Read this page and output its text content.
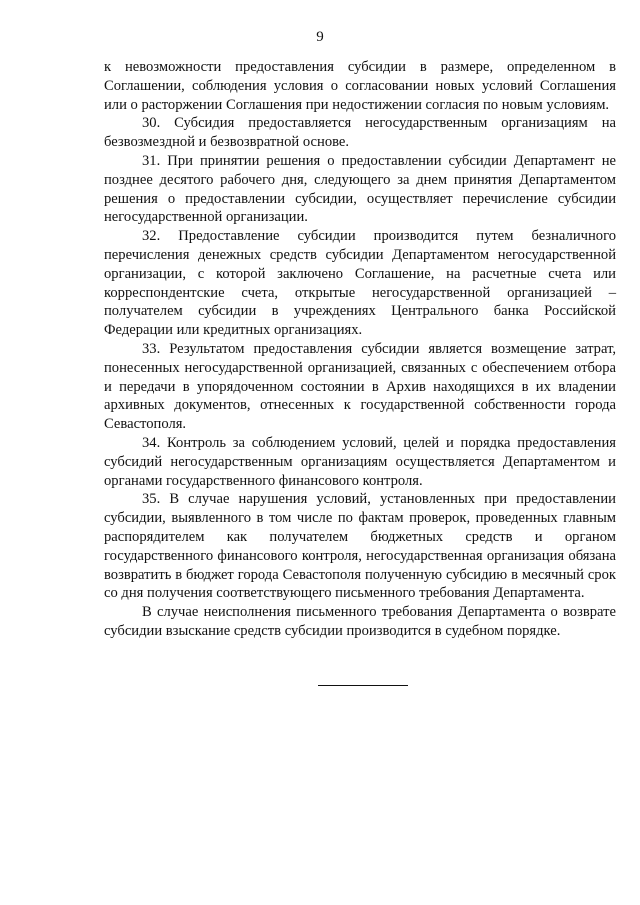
9

к невозможности предоставления субсидии в размере, определенном в Соглашении, соблюдения условия о согласовании новых условий Соглашения или о расторжении Соглашения при недостижении согласия по новым условиям.

30. Субсидия предоставляется негосударственным организациям на безвозмездной и безвозвратной основе.

31. При принятии решения о предоставлении субсидии Департамент не позднее десятого рабочего дня, следующего за днем принятия Департаментом решения о предоставлении субсидии, осуществляет перечисление субсидии негосударственной организации.

32. Предоставление субсидии производится путем безналичного перечисления денежных средств субсидии Департаментом негосударственной организации, с которой заключено Соглашение, на расчетные счета или корреспондентские счета, открытые негосударственной организацией – получателем субсидии в учреждениях Центрального банка Российской Федерации или кредитных организациях.

33. Результатом предоставления субсидии является возмещение затрат, понесенных негосударственной организацией, связанных с обеспечением отбора и передачи в упорядоченном состоянии в Архив находящихся в их владении архивных документов, отнесенных к государственной собственности города Севастополя.

34. Контроль за соблюдением условий, целей и порядка предоставления субсидий негосударственным организациям осуществляется Департаментом и органами государственного финансового контроля.

35. В случае нарушения условий, установленных при предоставлении субсидии, выявленного в том числе по фактам проверок, проведенных главным распорядителем как получателем бюджетных средств и органом государственного финансового контроля, негосударственная организация обязана возвратить в бюджет города Севастополя полученную субсидию в месячный срок со дня получения соответствующего письменного требования Департамента.

В случае неисполнения письменного требования Департамента о возврате субсидии взыскание средств субсидии производится в судебном порядке.
